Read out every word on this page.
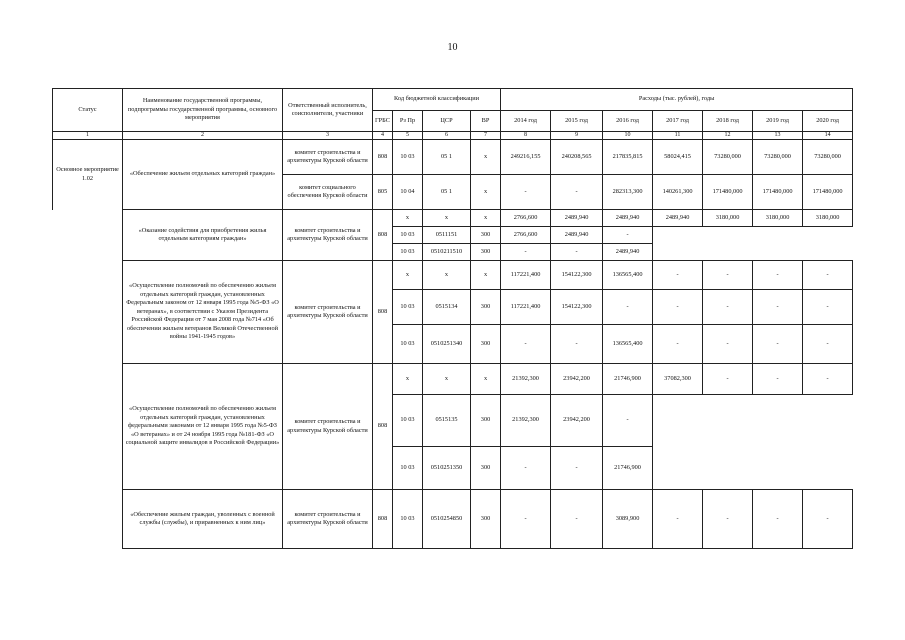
10
Статус	Наименование государственной программы, подпрограммы государственной программы, основного мероприятия	Ответственный исполнитель, соисполнители, участники	Код бюджетной классификации				Расходы (тыс. рублей), годы						
			ГРБС	Рз Пр	ЦСР	ВР	2014 год	2015 год	2016 год	2017 год	2018 год	2019 год	2020 год
1	2	3	4	5	6	7	8	9	10	11	12	13	14
Основное мероприятие 1.02	«Обеспечение жильем отдельных категорий граждан»	комитет строительства и архитектуры Курской области	808	10 03	05 1	х	249216,155	240208,565	217835,815	58024,415	73280,000	73280,000	73280,000
		комитет социального обеспечения Курской области	805	10 04	05 1	х	-	-	282313,300	140261,300	171480,000	171480,000	171480,000
	«Оказание содействия для приобретения жилья отдельным категориям граждан»	комитет строительства и архитектуры Курской области	808	х	х	х	2766,600	2489,940	2489,940	2489,940	3180,000	3180,000	3180,000
				10 03	0511151	300	2766,600	2489,940	-				
				10 03	0510211510	300	-	-	2489,940				
	«Осуществление полномочий по обеспечению жильем отдельных категорий граждан, установленных Федеральным законом от 12 января 1995 года №5-ФЗ «О ветеранах», в соответствии с Указом Президента Российской Федерации от 7 мая 2008 года №714 «Об обеспечении жильем ветеранов Великой Отечественной войны 1941-1945 годов»	комитет строительства и архитектуры Курской области	808	х	х	х	117221,400	154122,300	136565,400	-	-	-	-
				10 03	0515134	300	117221,400	154122,300	-	-	-	-	-
				10 03	0510251340	300	-	-	136565,400	-	-	-	-
	«Осуществление полномочий по обеспечению жильем отдельных категорий граждан, установленных федеральными законами от 12 января 1995 года №5-ФЗ «О ветеранах» и от 24 ноября 1995 года №181-ФЗ «О социальной защите инвалидов в Российской Федерации»	комитет строительства и архитектуры Курской области	808	х	х	х	21392,300	23942,200	21746,900	37082,300	-	-	-
				10 03	0515135	300	21392,300	23942,200	-				
				10 03	0510251350	300	-	-	21746,900				
	«Обеспечение жильем граждан, уволенных с военной службы (службы), и приравненных к ним лиц»	комитет строительства и архитектуры Курской области	808	10 03	0510254850	300	-	-	3089,900	-	-	-	-
